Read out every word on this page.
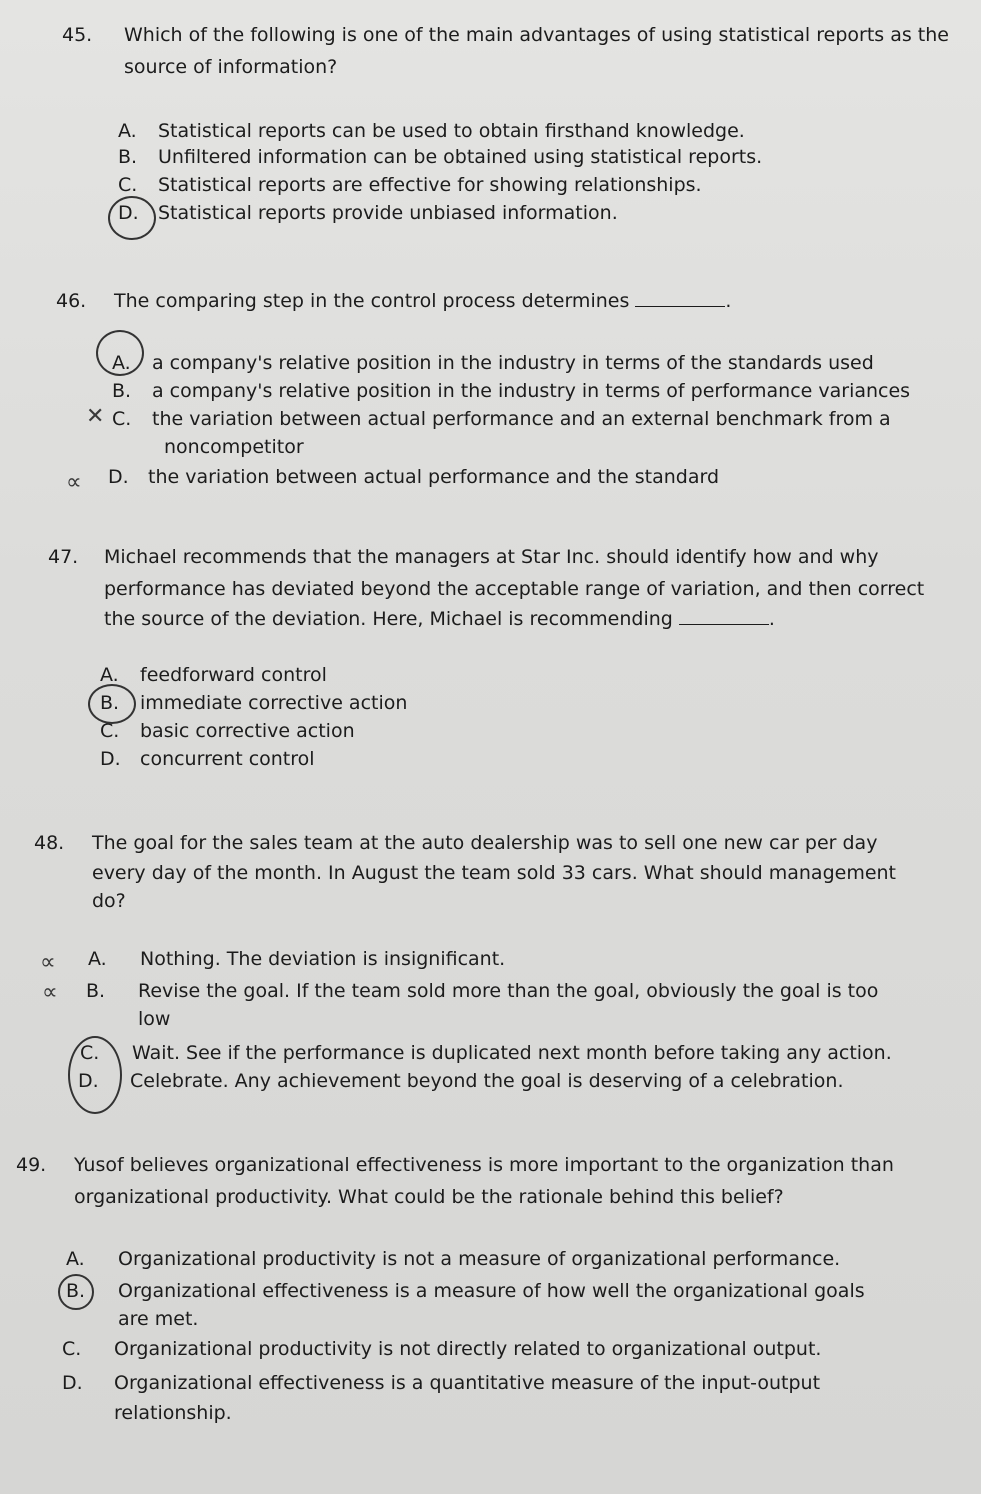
45. Which of the following is one of the main advantages of using statistical reports as the
source of information?
A. Statistical reports can be used to obtain firsthand knowledge.
B. Unfiltered information can be obtained using statistical reports.
C. Statistical reports are effective for showing relationships.
D. Statistical reports provide unbiased information.
46. The comparing step in the control process determines	.
A. a company's relative position in the industry in terms of the standards used
B. a company's relative position in the industry in terms of performance variances
C. the variation between actual performance and an external benchmark from a
noncompetitor
D. the variation between actual performance and the standard
✕
∝
47. Michael recommends that the managers at Star Inc. should identify how and why
performance has deviated beyond the acceptable range of variation, and then correct
the source of the deviation. Here, Michael is recommending	.
A. feedforward control
B. immediate corrective action
C. basic corrective action
D. concurrent control
48. The goal for the sales team at the auto dealership was to sell one new car per day
every day of the month. In August the team sold 33 cars. What should management
do?
A. Nothing. The deviation is insignificant.
B. Revise the goal. If the team sold more than the goal, obviously the goal is too
low
C. Wait. See if the performance is duplicated next month before taking any action.
D. Celebrate. Any achievement beyond the goal is deserving of a celebration.
∝
∝
49. Yusof believes organizational effectiveness is more important to the organization than
organizational productivity. What could be the rationale behind this belief?
A. Organizational productivity is not a measure of organizational performance.
B. Organizational effectiveness is a measure of how well the organizational goals
are met.
C. Organizational productivity is not directly related to organizational output.
D. Organizational effectiveness is a quantitative measure of the input-output
relationship.
